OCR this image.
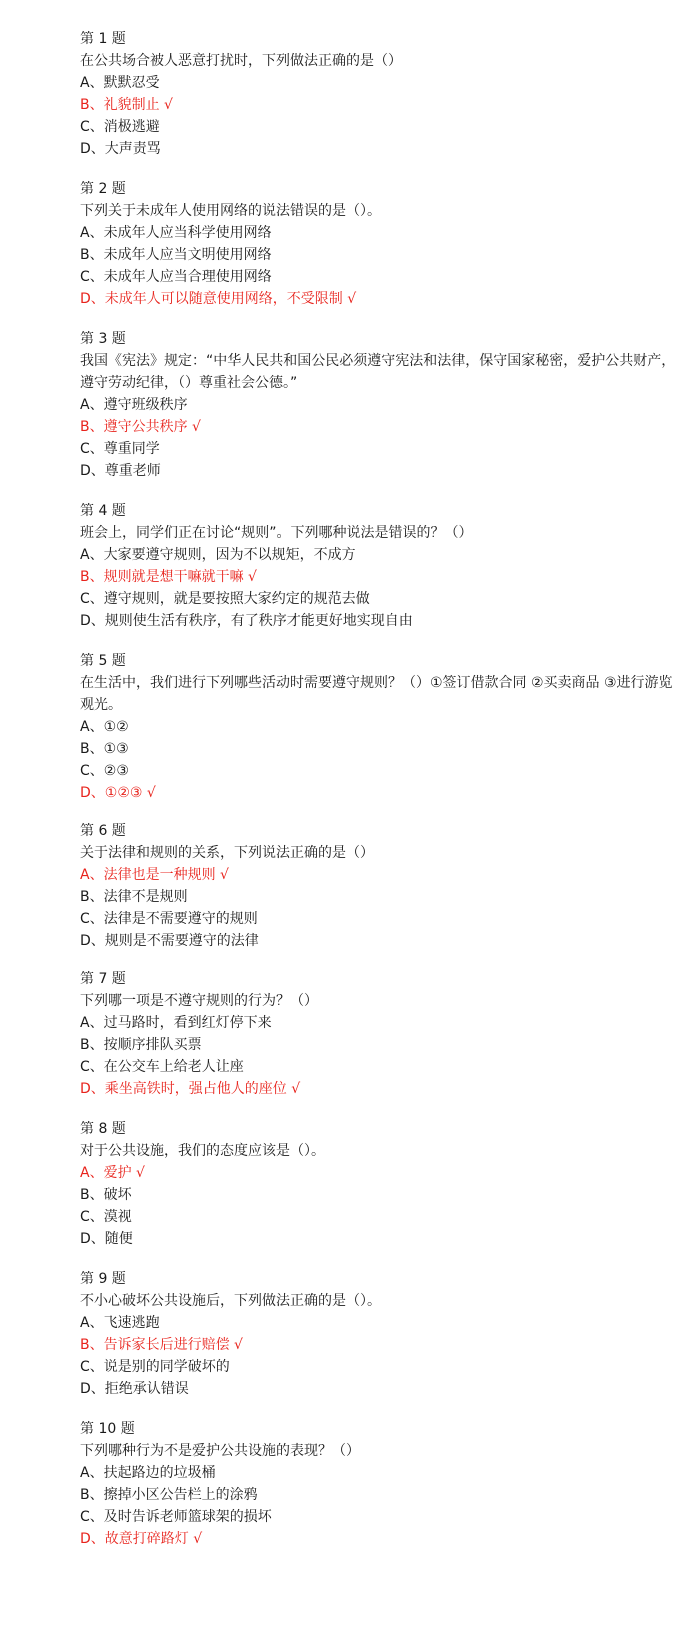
第 1 题
在公共场合被人恶意打扰时，下列做法正确的是（）
A、默默忍受
B、礼貌制止 √
C、消极逃避
D、大声责骂
第 2 题
下列关于未成年人使用网络的说法错误的是（）。
A、未成年人应当科学使用网络
B、未成年人应当文明使用网络
C、未成年人应当合理使用网络
D、未成年人可以随意使用网络，不受限制 √
第 3 题
我国《宪法》规定：“中华人民共和国公民必须遵守宪法和法律，保守国家秘密，爱护公共财产，遵守劳动纪律，（）尊重社会公德。”
A、遵守班级秩序
B、遵守公共秩序 √
C、尊重同学
D、尊重老师
第 4 题
班会上，同学们正在讨论“规则”。下列哪种说法是错误的？（）
A、大家要遵守规则，因为不以规矩，不成方
B、规则就是想干嘛就干嘛 √
C、遵守规则，就是要按照大家约定的规范去做
D、规则使生活有秩序，有了秩序才能更好地实现自由
第 5 题
在生活中，我们进行下列哪些活动时需要遵守规则？（）①签订借款合同 ②买卖商品 ③进行游览观光。
A、①②
B、①③
C、②③
D、①②③ √
第 6 题
关于法律和规则的关系，下列说法正确的是（）
A、法律也是一种规则 √
B、法律不是规则
C、法律是不需要遵守的规则
D、规则是不需要遵守的法律
第 7 题
下列哪一项是不遵守规则的行为？（）
A、过马路时，看到红灯停下来
B、按顺序排队买票
C、在公交车上给老人让座
D、乘坐高铁时，强占他人的座位 √
第 8 题
对于公共设施，我们的态度应该是（）。
A、爱护 √
B、破坏
C、漠视
D、随便
第 9 题
不小心破坏公共设施后，下列做法正确的是（）。
A、飞速逃跑
B、告诉家长后进行赔偿 √
C、说是别的同学破坏的
D、拒绝承认错误
第 10 题
下列哪种行为不是爱护公共设施的表现？（）
A、扶起路边的垃圾桶
B、擦掉小区公告栏上的涂鸦
C、及时告诉老师篮球架的损坏
D、故意打碎路灯 √
